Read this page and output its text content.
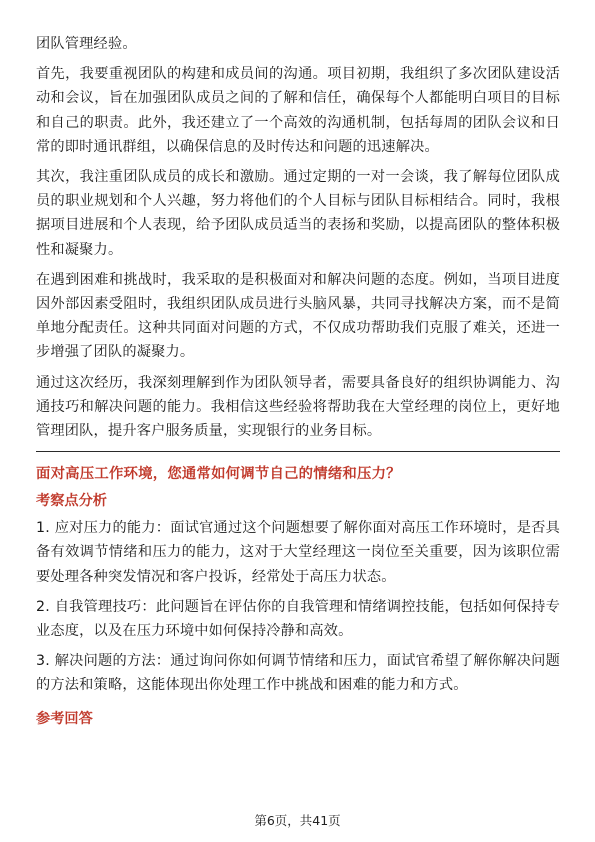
团队管理经验。

首先，我要重视团队的构建和成员间的沟通。项目初期，我组织了多次团队建设活动和会议，旨在加强团队成员之间的了解和信任，确保每个人都能明白项目的目标和自己的职责。此外，我还建立了一个高效的沟通机制，包括每周的团队会议和日常的即时通讯群组，以确保信息的及时传达和问题的迅速解决。

其次，我注重团队成员的成长和激励。通过定期的一对一会谈，我了解每位团队成员的职业规划和个人兴趣，努力将他们的个人目标与团队目标相结合。同时，我根据项目进展和个人表现，给予团队成员适当的表扬和奖励，以提高团队的整体积极性和凝聚力。

在遇到困难和挑战时，我采取的是积极面对和解决问题的态度。例如，当项目进度因外部因素受阻时，我组织团队成员进行头脑风暴，共同寻找解决方案，而不是简单地分配责任。这种共同面对问题的方式，不仅成功帮助我们克服了难关，还进一步增强了团队的凝聚力。

通过这次经历，我深刻理解到作为团队领导者，需要具备良好的组织协调能力、沟通技巧和解决问题的能力。我相信这些经验将帮助我在大堂经理的岗位上，更好地管理团队，提升客户服务质量，实现银行的业务目标。

面对高压工作环境，您通常如何调节自己的情绪和压力？
考察点分析

1. 应对压力的能力：面试官通过这个问题想要了解你面对高压工作环境时，是否具备有效调节情绪和压力的能力，这对于大堂经理这一岗位至关重要，因为该职位需要处理各种突发情况和客户投诉，经常处于高压力状态。

2. 自我管理技巧：此问题旨在评估你的自我管理和情绪调控技能，包括如何保持专业态度，以及在压力环境中如何保持冷静和高效。

3. 解决问题的方法：通过询问你如何调节情绪和压力，面试官希望了解你解决问题的方法和策略，这能体现出你处理工作中挑战和困难的能力和方式。

参考回答
第6页，共41页
